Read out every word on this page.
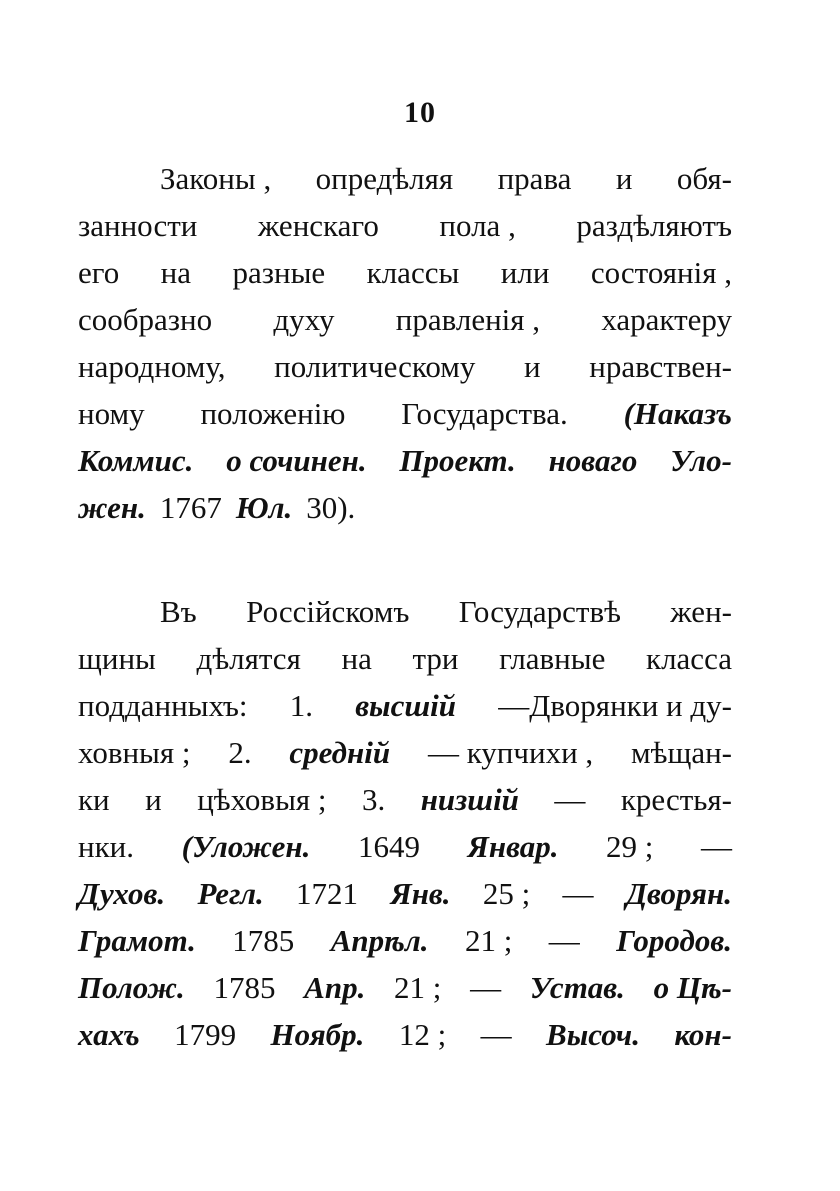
10
Законы , опредѣляя права и обя-
занности женскаго пола , раздѣляютъ
его на разные классы или состоянія ,
сообразно духу правленія , характеру
народному, политическому и нравствен-
ному положенію Государства. (Наказъ
Коммис. о сочинен. Проект. новаго Уло-
жен. 1767 Юл. 30).
Въ Россійскомъ Государствѣ жен-
щины дѣлятся на три главные класса
подданныхъ: 1. высшій —Дворянки и ду-
ховныя ; 2. средній — купчихи , мѣщан-
ки и цѣховыя ; 3. низшій — крестья-
нки. (Уложен. 1649 Январ. 29 ; —
Духов. Регл. 1721 Янв. 25 ; — Дворян.
Грамот. 1785 Апрѣл. 21 ; — Городов.
Полож. 1785 Апр. 21 ; — Устав. о Цѣ-
хахъ 1799 Ноябр. 12 ; — Высоч. кон-
